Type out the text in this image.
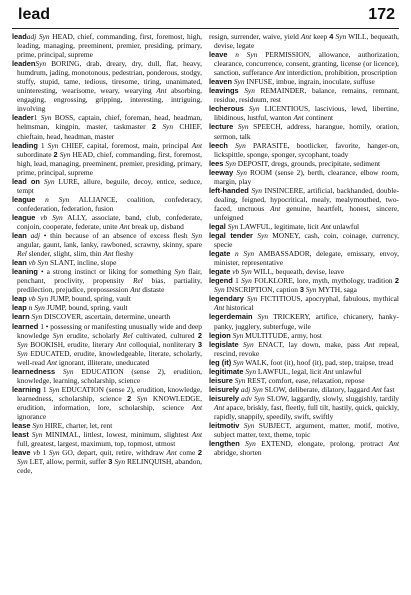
lead	172

leadadj Syn HEAD, chief, commanding, first, foremost, high, leading, managing, preeminent, premier, presiding, primary, prime, principal, supreme

leadenSyn BORING, drab, dreary, dry, dull, flat, heavy, humdrum, jading, monotonous, pedestrian, ponderous, stodgy, stuffy, stupid, tame, tedious, tiresome, tiring, unanimated, uninteresting, wearisome, weary, wearying Ant absorbing, engaging, engrossing, gripping, interesting, intriguing, involving

leader1 Syn BOSS, captain, chief, foreman, head, headman, helmsman, kingpin, master, taskmaster 2 Syn CHIEF, chieftain, head, headman, master

leading 1 Syn CHIEF, capital, foremost, main, principal Ant subordinate 2 Syn HEAD, chief, commanding, first, foremost, high, lead, managing, preeminent, premier, presiding, primary, prime, principal, supreme

lead on Syn LURE, allure, beguile, decoy, entice, seduce, tempt

league n Syn ALLIANCE, coalition, confederacy, confederation, federation, fusion

league vb Syn ALLY, associate, band, club, confederate, conjoin, cooperate, federate, unite Ant break up, disband

lean adj • thin because of an absence of excess flesh Syn angular, gaunt, lank, lanky, rawboned, scrawny, skinny, spare Rel slender, slight, slim, thin Ant fleshy

lean vb Syn SLANT, incline, slope

leaning • a strong instinct or liking for something Syn flair, penchant, proclivity, propensity Rel bias, partiality, predilection, prejudice, prepossession Ant distaste

leap vb Syn JUMP, bound, spring, vault

leap n Syn JUMP, bound, spring, vault

learn Syn DISCOVER, ascertain, determine, unearth

learned 1 • possessing or manifesting unusually wide and deep knowledge Syn erudite, scholarly Rel cultivated, cultured 2 Syn BOOKISH, erudite, literary Ant colloquial, nonliterary 3 Syn EDUCATED, erudite, knowledgeable, literate, scholarly, well-read Ant ignorant, illiterate, uneducated

learnedness Syn EDUCATION (sense 2), erudition, knowledge, learning, scholarship, science

learning 1 Syn EDUCATION (sense 2), erudition, knowledge, learnedness, scholarship, science 2 Syn KNOWLEDGE, erudition, information, lore, scholarship, science Ant ignorance

lease Syn HIRE, charter, let, rent

least Syn MINIMAL, littlest, lowest, minimum, slightest Ant full, greatest, largest, maximum, top, topmost, utmost

leave vb 1 Syn GO, depart, quit, retire, withdraw Ant come 2 Syn LET, allow, permit, suffer 3 Syn RELINQUISH, abandon, cede,

resign, surrender, waive, yield Ant keep 4 Syn WILL, bequeath, devise, legate

leave n Syn PERMISSION, allowance, authorization, clearance, concurrence, consent, granting, license (or licence), sanction, sufferance Ant interdiction, prohibition, proscription

leaven Syn INFUSE, imbue, ingrain, inoculate, suffuse

leavings Syn REMAINDER, balance, remains, remnant, residue, residuum, rest

lecherous Syn LICENTIOUS, lascivious, lewd, libertine, libidinous, lustful, wanton Ant continent

lecture Syn SPEECH, address, harangue, homily, oration, sermon, talk

leech Syn PARASITE, bootlicker, favorite, hanger-on, lickspittle, sponge, sponger, sycophant, toady

lees Syn DEPOSIT, dregs, grounds, precipitate, sediment

leeway Syn ROOM (sense 2), berth, clearance, elbow room, margin, play

left-handed Syn INSINCERE, artificial, backhanded, double-dealing, feigned, hypocritical, mealy, mealymouthed, two-faced, unctuous Ant genuine, heartfelt, honest, sincere, unfeigned

legal Syn LAWFUL, legitimate, licit Ant unlawful

legal tender Syn MONEY, cash, coin, coinage, currency, specie

legate n Syn AMBASSADOR, delegate, emissary, envoy, minister, representative

legate vb Syn WILL, bequeath, devise, leave

legend 1 Syn FOLKLORE, lore, myth, mythology, tradition 2 Syn INSCRIPTION, caption 3 Syn MYTH, saga

legendary Syn FICTITIOUS, apocryphal, fabulous, mythical Ant historical

legerdemain Syn TRICKERY, artifice, chicanery, hanky-panky, jugglery, subterfuge, wile

legion Syn MULTITUDE, army, host

legislate Syn ENACT, lay down, make, pass Ant repeal, rescind, revoke

leg (it) Syn WALK, foot (it), hoof (it), pad, step, traipse, tread

legitimate Syn LAWFUL, legal, licit Ant unlawful

leisure Syn REST, comfort, ease, relaxation, repose

leisurely adj Syn SLOW, deliberate, dilatory, laggard Ant fast

leisurely adv Syn SLOW, laggardly, slowly, sluggishly, tardily Ant apace, briskly, fast, fleetly, full tilt, hastily, quick, quickly, rapidly, snappily, speedily, swift, swiftly

leitmotiv Syn SUBJECT, argument, matter, motif, motive, subject matter, text, theme, topic

lengthen Syn EXTEND, elongate, prolong, protract Ant abridge, shorten
